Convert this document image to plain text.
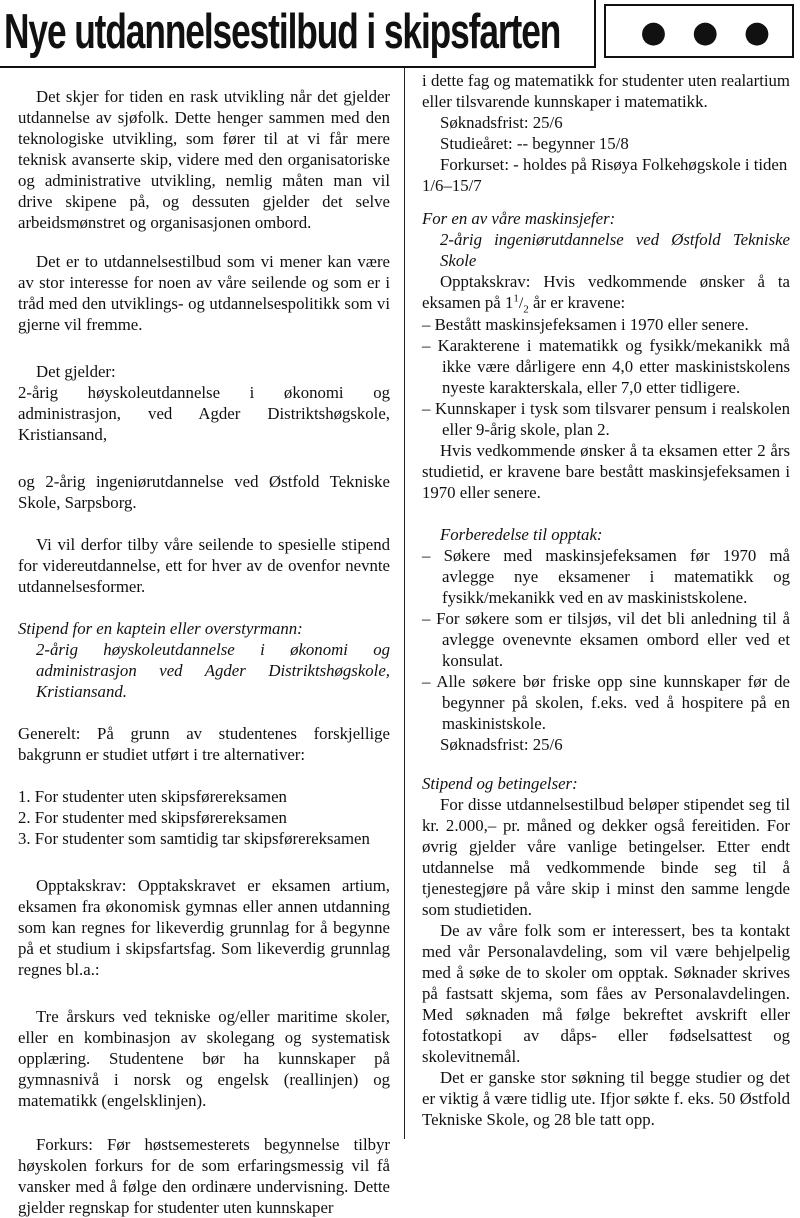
Nye utdannelsestilbud i skipsfarten	● ● ●

Det skjer for tiden en rask utvikling når det gjelder utdannelse av sjøfolk. Dette henger sammen med den teknologiske utvikling, som fører til at vi får mere teknisk avanserte skip, videre med den organisatoriske og administrative utvikling, nemlig måten man vil drive skipene på, og dessuten gjelder det selve arbeidsmønstret og organisasjonen ombord.

Det er to utdannelsestilbud som vi mener kan være av stor interesse for noen av våre seilende og som er i tråd med den utviklings- og utdannelsespolitikk som vi gjerne vil fremme.

Det gjelder:

2-årig høyskoleutdannelse i økonomi og administrasjon, ved Agder Distriktshøgskole, Kristiansand,

og 2-årig ingeniørutdannelse ved Østfold Tekniske Skole, Sarpsborg.

Vi vil derfor tilby våre seilende to spesielle stipend for videreutdannelse, ett for hver av de ovenfor nevnte utdannelsesformer.

Stipend for en kaptein eller overstyrmann:

2-årig høyskoleutdannelse i økonomi og administrasjon ved Agder Distriktshøgskole, Kristiansand.

Generelt: På grunn av studentenes forskjellige bakgrunn er studiet utført i tre alternativer:

1. For studenter uten skipsførereksamen

2. For studenter med skipsførereksamen

3. For studenter som samtidig tar skipsførereksamen

Opptakskrav: Opptakskravet er eksamen artium, eksamen fra økonomisk gymnas eller annen utdanning som kan regnes for likeverdig grunnlag for å begynne på et studium i skipsfartsfag. Som likeverdig grunnlag regnes bl.a.:

Tre årskurs ved tekniske og/eller maritime skoler, eller en kombinasjon av skolegang og systematisk opplæring. Studentene bør ha kunnskaper på gymnasnivå i norsk og engelsk (reallinjen) og matematikk (engelsklinjen).

Forkurs: Før høstsemesterets begynnelse tilbyr høyskolen forkurs for de som erfaringsmessig vil få vansker med å følge den ordinære undervisning. Dette gjelder regnskap for studenter uten kunnskaper

i dette fag og matematikk for studenter uten realartium eller tilsvarende kunnskaper i matematikk.

Søknadsfrist: 25/6

Studieåret: -- begynner 15/8

Forkurset: - holdes på Risøya Folkehøgskole i tiden 1/6–15/7

For en av våre maskinsjefer:

2-årig ingeniørutdannelse ved Østfold Tekniske Skole

Opptakskrav: Hvis vedkommende ønsker å ta eksamen på $1^1/_2$ år er kravene:

– Bestått maskinsjefeksamen i 1970 eller senere.

– Karakterene i matematikk og fysikk/mekanikk må ikke være dårligere enn 4,0 etter maskinistskolens nyeste karakterskala, eller 7,0 etter tidligere.

– Kunnskaper i tysk som tilsvarer pensum i realskolen eller 9-årig skole, plan 2.

Hvis vedkommende ønsker å ta eksamen etter 2 års studietid, er kravene bare bestått maskinsjefeksamen i 1970 eller senere.

Forberedelse til opptak:

– Søkere med maskinsjefeksamen før 1970 må avlegge nye eksamener i matematikk og fysikk/mekanikk ved en av maskinistskolene.

– For søkere som er tilsjøs, vil det bli anledning til å avlegge ovenevnte eksamen ombord eller ved et konsulat.

– Alle søkere bør friske opp sine kunnskaper før de begynner på skolen, f.eks. ved å hospitere på en maskinistskole.

Søknadsfrist: 25/6

Stipend og betingelser:

For disse utdannelsestilbud beløper stipendet seg til kr. 2.000,– pr. måned og dekker også fereitiden. For øvrig gjelder våre vanlige betingelser. Etter endt utdannelse må vedkommende binde seg til å tjenestegjøre på våre skip i minst den samme lengde som studietiden.

De av våre folk som er interessert, bes ta kontakt med vår Personalavdeling, som vil være behjelpelig med å søke de to skoler om opptak. Søknader skrives på fastsatt skjema, som fåes av Personalavdelingen. Med søknaden må følge bekreftet avskrift eller fotostatkopi av dåps- eller fødselsattest og skolevitnemål.

Det er ganske stor søkning til begge studier og det er viktig å være tidlig ute. Ifjor søkte f. eks. 50 Østfold Tekniske Skole, og 28 ble tatt opp.
